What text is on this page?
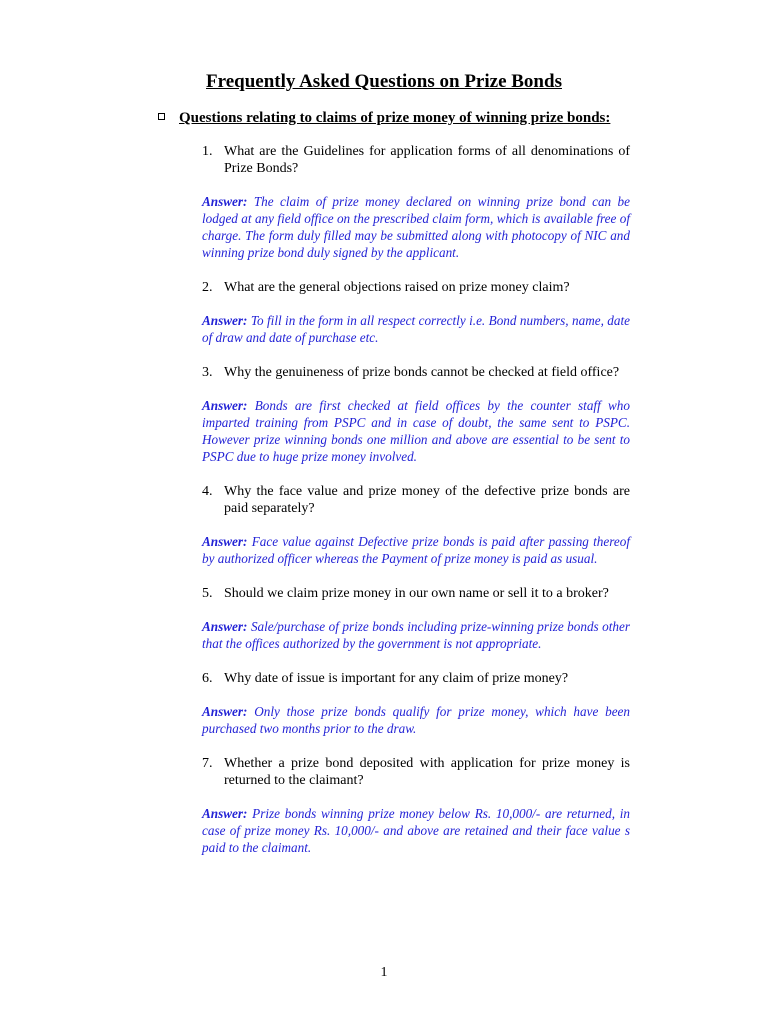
Frequently Asked Questions on Prize Bonds
Questions relating to claims of prize money of winning prize bonds:
1. What are the Guidelines for application forms of all denominations of Prize Bonds?
Answer: The claim of prize money declared on winning prize bond can be lodged at any field office on the prescribed claim form, which is available free of charge. The form duly filled may be submitted along with photocopy of NIC and winning prize bond duly signed by the applicant.
2. What are the general objections raised on prize money claim?
Answer: To fill in the form in all respect correctly i.e. Bond numbers, name, date of draw and date of purchase etc.
3. Why the genuineness of prize bonds cannot be checked at field office?
Answer: Bonds are first checked at field offices by the counter staff who imparted training from PSPC and in case of doubt, the same sent to PSPC. However prize winning bonds one million and above are essential to be sent to PSPC due to huge prize money involved.
4. Why the face value and prize money of the defective prize bonds are paid separately?
Answer: Face value against Defective prize bonds is paid after passing thereof by authorized officer whereas the Payment of prize money is paid as usual.
5. Should we claim prize money in our own name or sell it to a broker?
Answer: Sale/purchase of prize bonds including prize-winning prize bonds other that the offices authorized by the government is not appropriate.
6. Why date of issue is important for any claim of prize money?
Answer: Only those prize bonds qualify for prize money, which have been purchased two months prior to the draw.
7. Whether a prize bond deposited with application for prize money is returned to the claimant?
Answer: Prize bonds winning prize money below Rs. 10,000/- are returned, in case of prize money Rs. 10,000/- and above are retained and their face value s paid to the claimant.
1
